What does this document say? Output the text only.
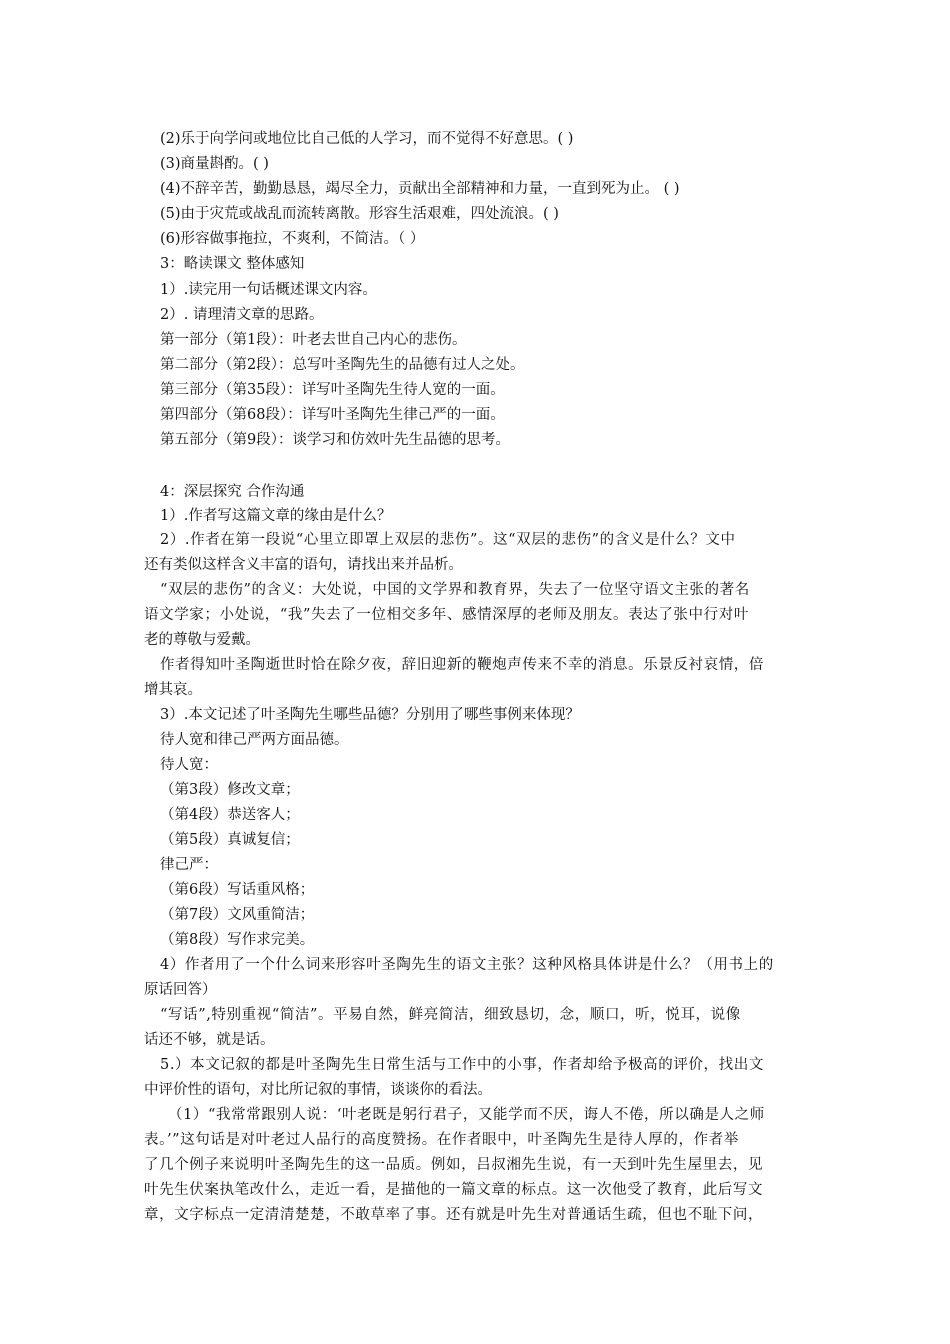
(2)乐于向学问或地位比自己低的人学习，而不觉得不好意思。( )
(3)商量斟酌。( )
(4)不辞辛苦，勤勤恳恳，竭尽全力，贡献出全部精神和力量，一直到死为止。 ( )
(5)由于灾荒或战乱而流转离散。形容生活艰难，四处流浪。( )
(6)形容做事拖拉，不爽利，不简洁。（ ）
3：略读课文 整体感知
1）.读完用一句话概述课文内容。
2）. 请理清文章的思路。
第一部分（第1段）：叶老去世自己内心的悲伤。
第二部分（第2段）：总写叶圣陶先生的品德有过人之处。
第三部分（第35段）：详写叶圣陶先生待人宽的一面。
第四部分（第68段）：详写叶圣陶先生律己严的一面。
第五部分（第9段）：谈学习和仿效叶先生品德的思考。
4：深层探究 合作沟通
1）.作者写这篇文章的缘由是什么？
2）.作者在第一段说“心里立即罩上双层的悲伤”。这“双层的悲伤”的含义是什么？文中
还有类似这样含义丰富的语句，请找出来并品析。
“双层的悲伤”的含义：大处说，中国的文学界和教育界，失去了一位坚守语文主张的著名
语文学家；小处说，“我”失去了一位相交多年、感情深厚的老师及朋友。表达了张中行对叶
老的尊敬与爱戴。
作者得知叶圣陶逝世时恰在除夕夜，辞旧迎新的鞭炮声传来不幸的消息。乐景反衬哀情，倍
增其哀。
3）.本文记述了叶圣陶先生哪些品德？分别用了哪些事例来体现？
待人宽和律己严两方面品德。
待人宽：
（第3段）修改文章；
（第4段）恭送客人；
（第5段）真诚复信；
律己严：
（第6段）写话重风格；
（第7段）文风重简洁；
（第8段）写作求完美。
4）作者用了一个什么词来形容叶圣陶先生的语文主张？这种风格具体讲是什么？（用书上的
原话回答）
“写话”,特别重视“简洁”。平易自然，鲜亮简洁，细致恳切，念，顺口，听，悦耳，说像
话还不够，就是话。
5.）本文记叙的都是叶圣陶先生日常生活与工作中的小事，作者却给予极高的评价，找出文
中评价性的语句，对比所记叙的事情，谈谈你的看法。
（1）“我常常跟别人说：‘叶老既是躬行君子，又能学而不厌，诲人不倦，所以确是人之师
表。’”这句话是对叶老过人品行的高度赞扬。在作者眼中，叶圣陶先生是待人厚的，作者举
了几个例子来说明叶圣陶先生的这一品质。例如，吕叔湘先生说，有一天到叶先生屋里去，见
叶先生伏案执笔改什么，走近一看，是描他的一篇文章的标点。这一次他受了教育，此后写文
章，文字标点一定清清楚楚，不敢草率了事。还有就是叶先生对普通话生疏，但也不耻下问，
